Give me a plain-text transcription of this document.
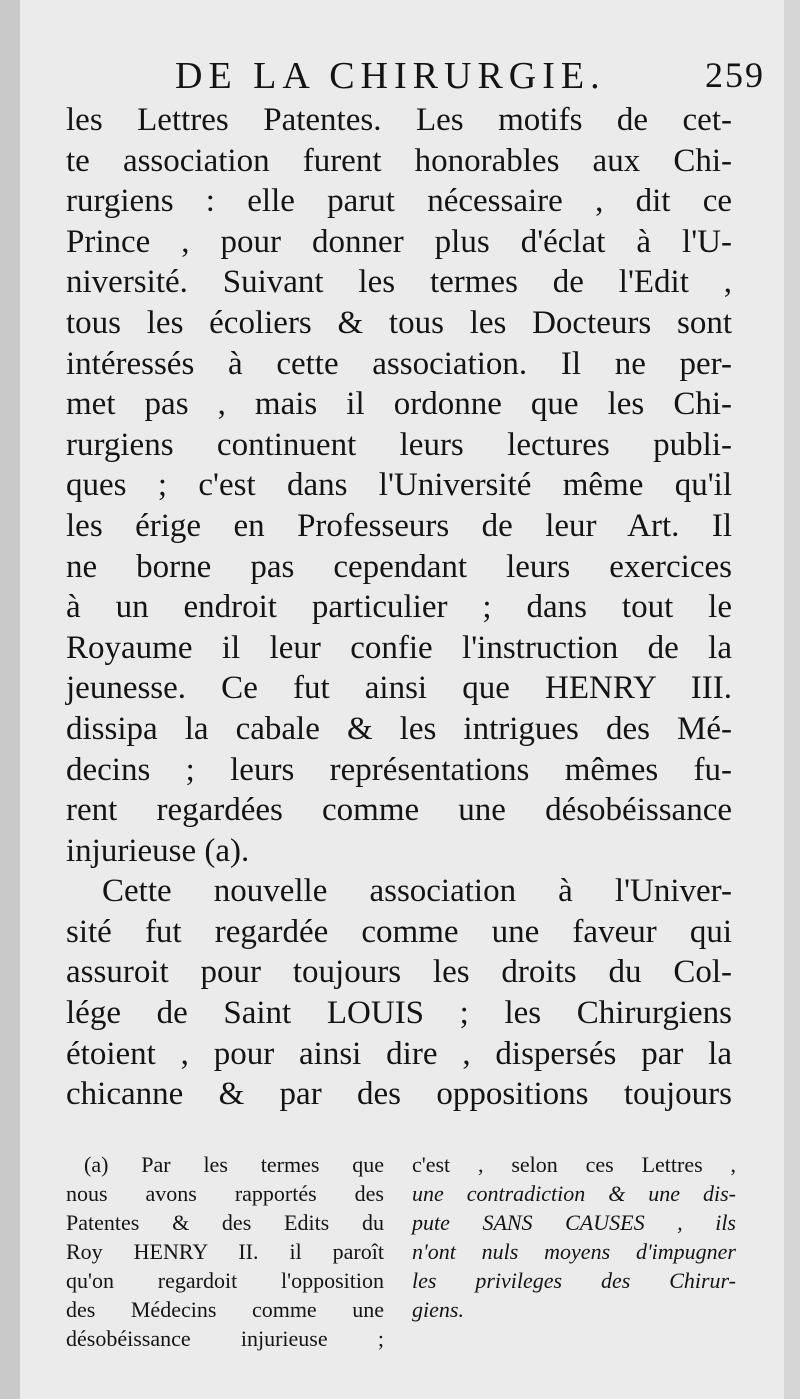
DE LA CHIRURGIE.	259
les Lettres Patentes. Les motifs de cet-
te association furent honorables aux Chi-
rurgiens : elle parut nécessaire , dit ce
Prince , pour donner plus d'éclat à l'U-
niversité. Suivant les termes de l'Edit ,
tous les écoliers & tous les Docteurs sont
intéressés à cette association. Il ne per-
met pas , mais il ordonne que les Chi-
rurgiens continuent leurs lectures publi-
ques ; c'est dans l'Université même qu'il
les érige en Professeurs de leur Art. Il
ne borne pas cependant leurs exercices
à un endroit particulier ; dans tout le
Royaume il leur confie l'instruction de la
jeunesse. Ce fut ainsi que HENRY III.
dissipa la cabale & les intrigues des Mé-
decins ; leurs représentations mêmes fu-
rent regardées comme une désobéissance
injurieuse (a).
Cette nouvelle association à l'Univer-
sité fut regardée comme une faveur qui
assuroit pour toujours les droits du Col-
lége de Saint LOUIS ; les Chirurgiens
étoient , pour ainsi dire , dispersés par la
chicanne & par des oppositions toujours
(a) Par les termes que
nous avons rapportés des
Patentes & des Edits du
Roy HENRY II. il paroît
qu'on regardoit l'opposition
des Médecins comme une
désobéissance injurieuse ;
c'est , selon ces Lettres ,
une contradiction & une dis-
pute SANS CAUSES , ils
n'ont nuls moyens d'impugner
les privileges des Chirur-
giens.
